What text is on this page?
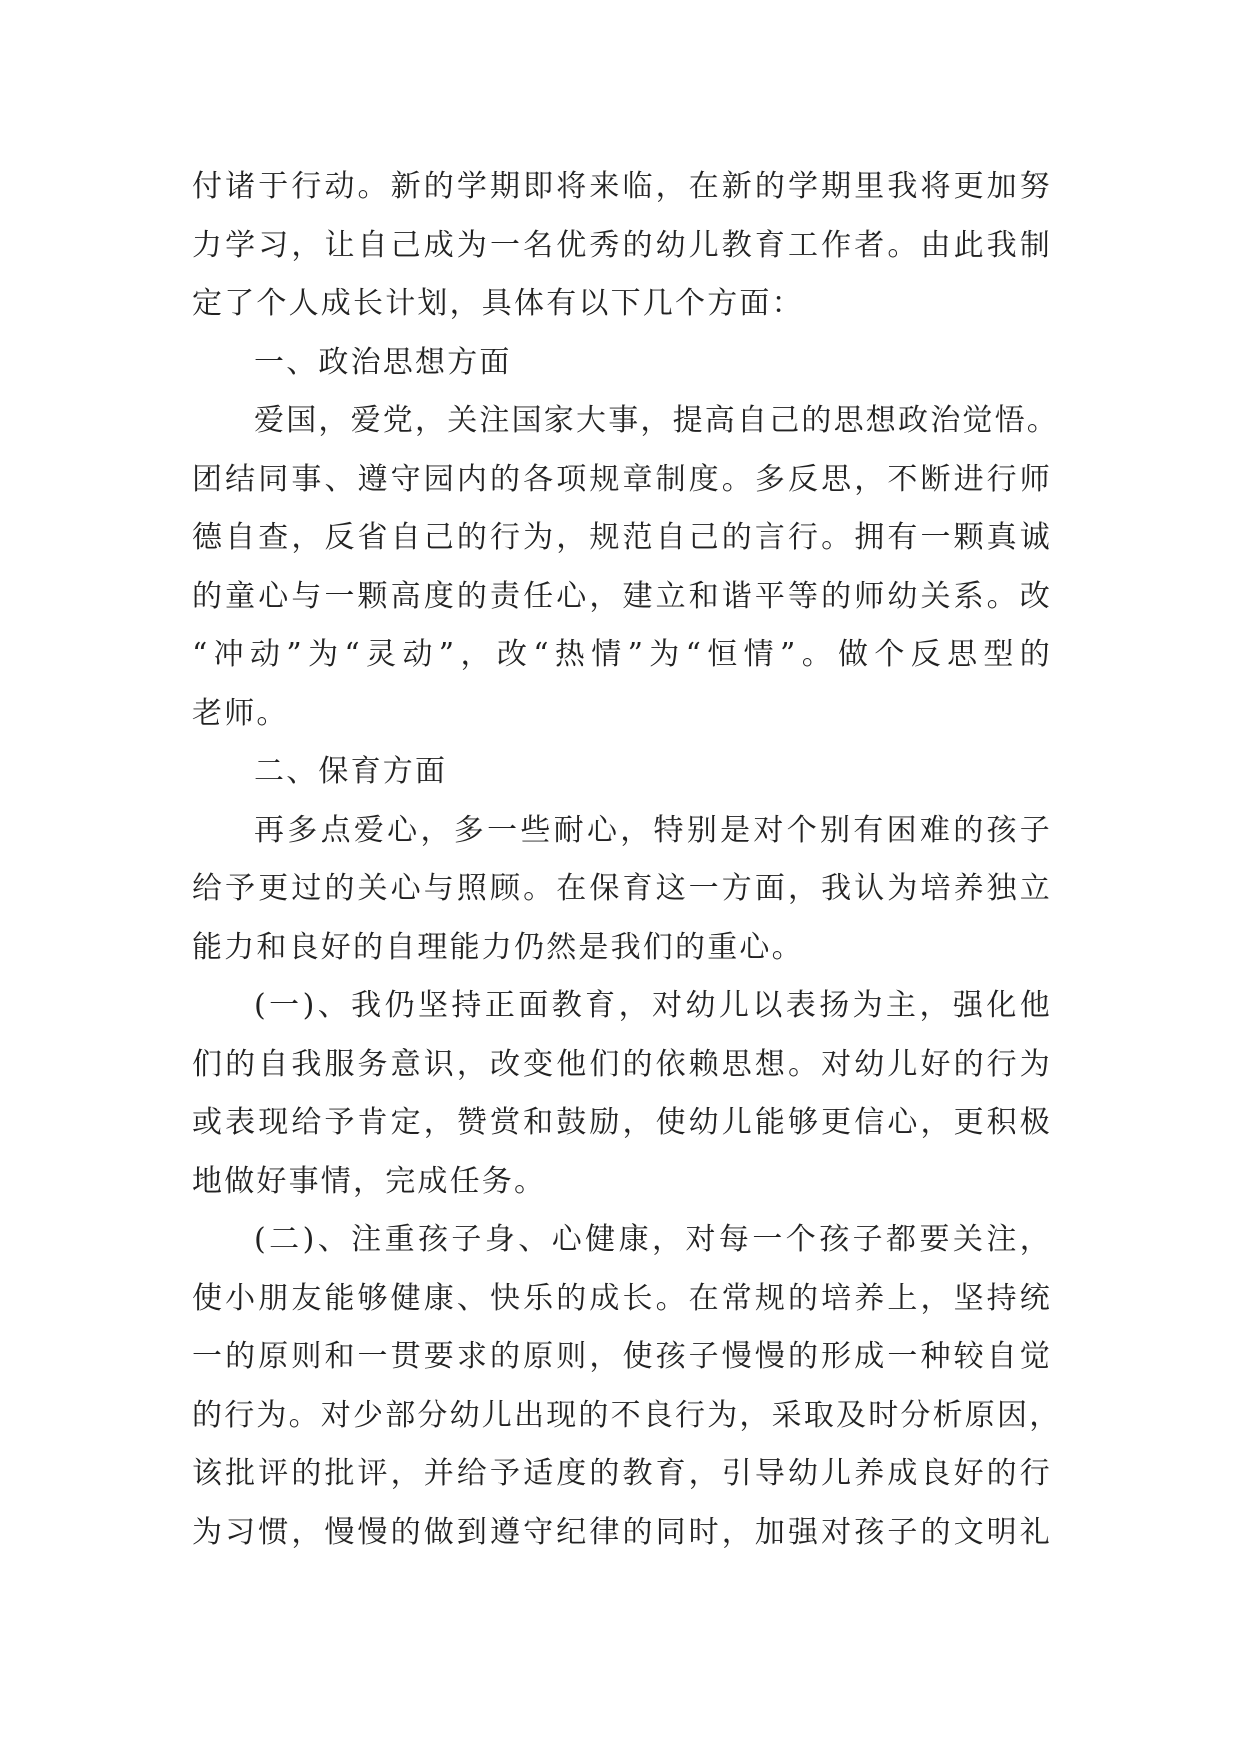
付诸于行动。新的学期即将来临，在新的学期里我将更加努
力学习，让自己成为一名优秀的幼儿教育工作者。由此我制
定了个人成长计划，具体有以下几个方面：
一、政治思想方面
爱国，爱党，关注国家大事，提高自己的思想政治觉悟。
团结同事、遵守园内的各项规章制度。多反思，不断进行师
德自查，反省自己的行为，规范自己的言行。拥有一颗真诚
的童心与一颗高度的责任心，建立和谐平等的师幼关系。改
“冲动”为“灵动”，改“热情”为“恒情”。做个反思型的
老师。
二、保育方面
再多点爱心，多一些耐心，特别是对个别有困难的孩子
给予更过的关心与照顾。在保育这一方面，我认为培养独立
能力和良好的自理能力仍然是我们的重心。
(一)、我仍坚持正面教育，对幼儿以表扬为主，强化他
们的自我服务意识，改变他们的依赖思想。对幼儿好的行为
或表现给予肯定，赞赏和鼓励，使幼儿能够更信心，更积极
地做好事情，完成任务。
(二)、注重孩子身、心健康，对每一个孩子都要关注，
使小朋友能够健康、快乐的成长。在常规的培养上，坚持统
一的原则和一贯要求的原则，使孩子慢慢的形成一种较自觉
的行为。对少部分幼儿出现的不良行为，采取及时分析原因，
该批评的批评，并给予适度的教育，引导幼儿养成良好的行
为习惯，慢慢的做到遵守纪律的同时，加强对孩子的文明礼
